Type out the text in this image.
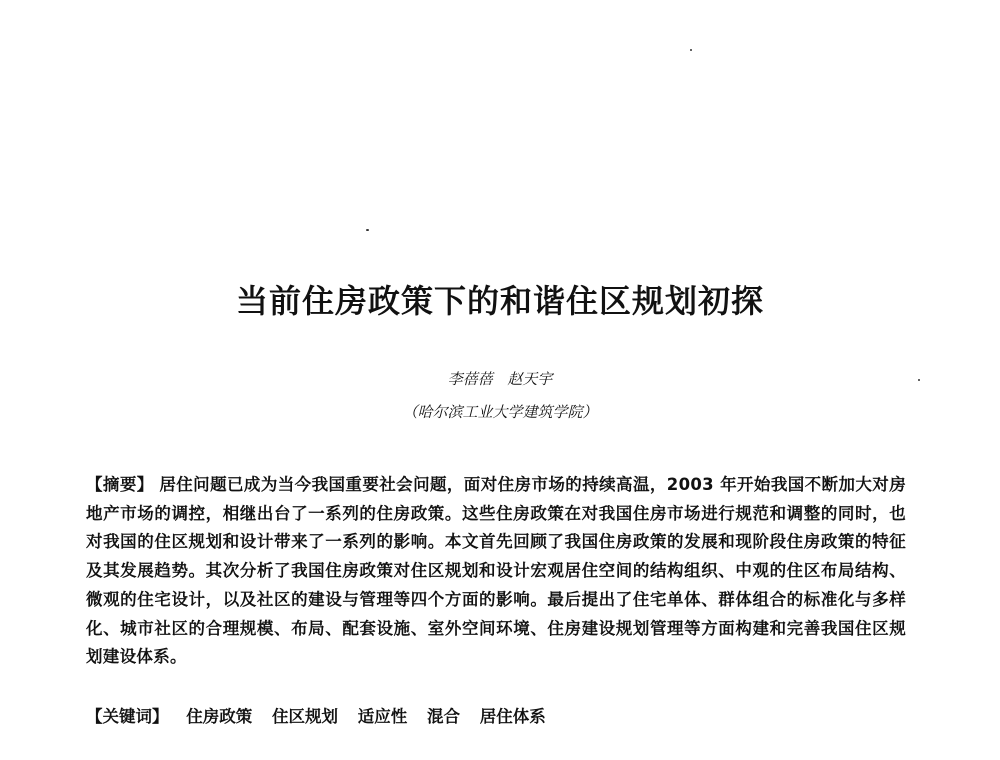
当前住房政策下的和谐住区规划初探
李蓓蓓 赵天宇
（哈尔滨工业大学建筑学院）
【摘要】 居住问题已成为当今我国重要社会问题，面对住房市场的持续高温，2003 年开始我国不断加大对房地产市场的调控，相继出台了一系列的住房政策。这些住房政策在对我国住房市场进行规范和调整的同时，也对我国的住区规划和设计带来了一系列的影响。本文首先回顾了我国住房政策的发展和现阶段住房政策的特征及其发展趋势。其次分析了我国住房政策对住区规划和设计宏观居住空间的结构组织、中观的住区布局结构、微观的住宅设计，以及社区的建设与管理等四个方面的影响。最后提出了住宅单体、群体组合的标准化与多样化、城市社区的合理规模、布局、配套设施、室外空间环境、住房建设规划管理等方面构建和完善我国住区规划建设体系。
【关键词】 住房政策 住区规划 适应性 混合 居住体系
